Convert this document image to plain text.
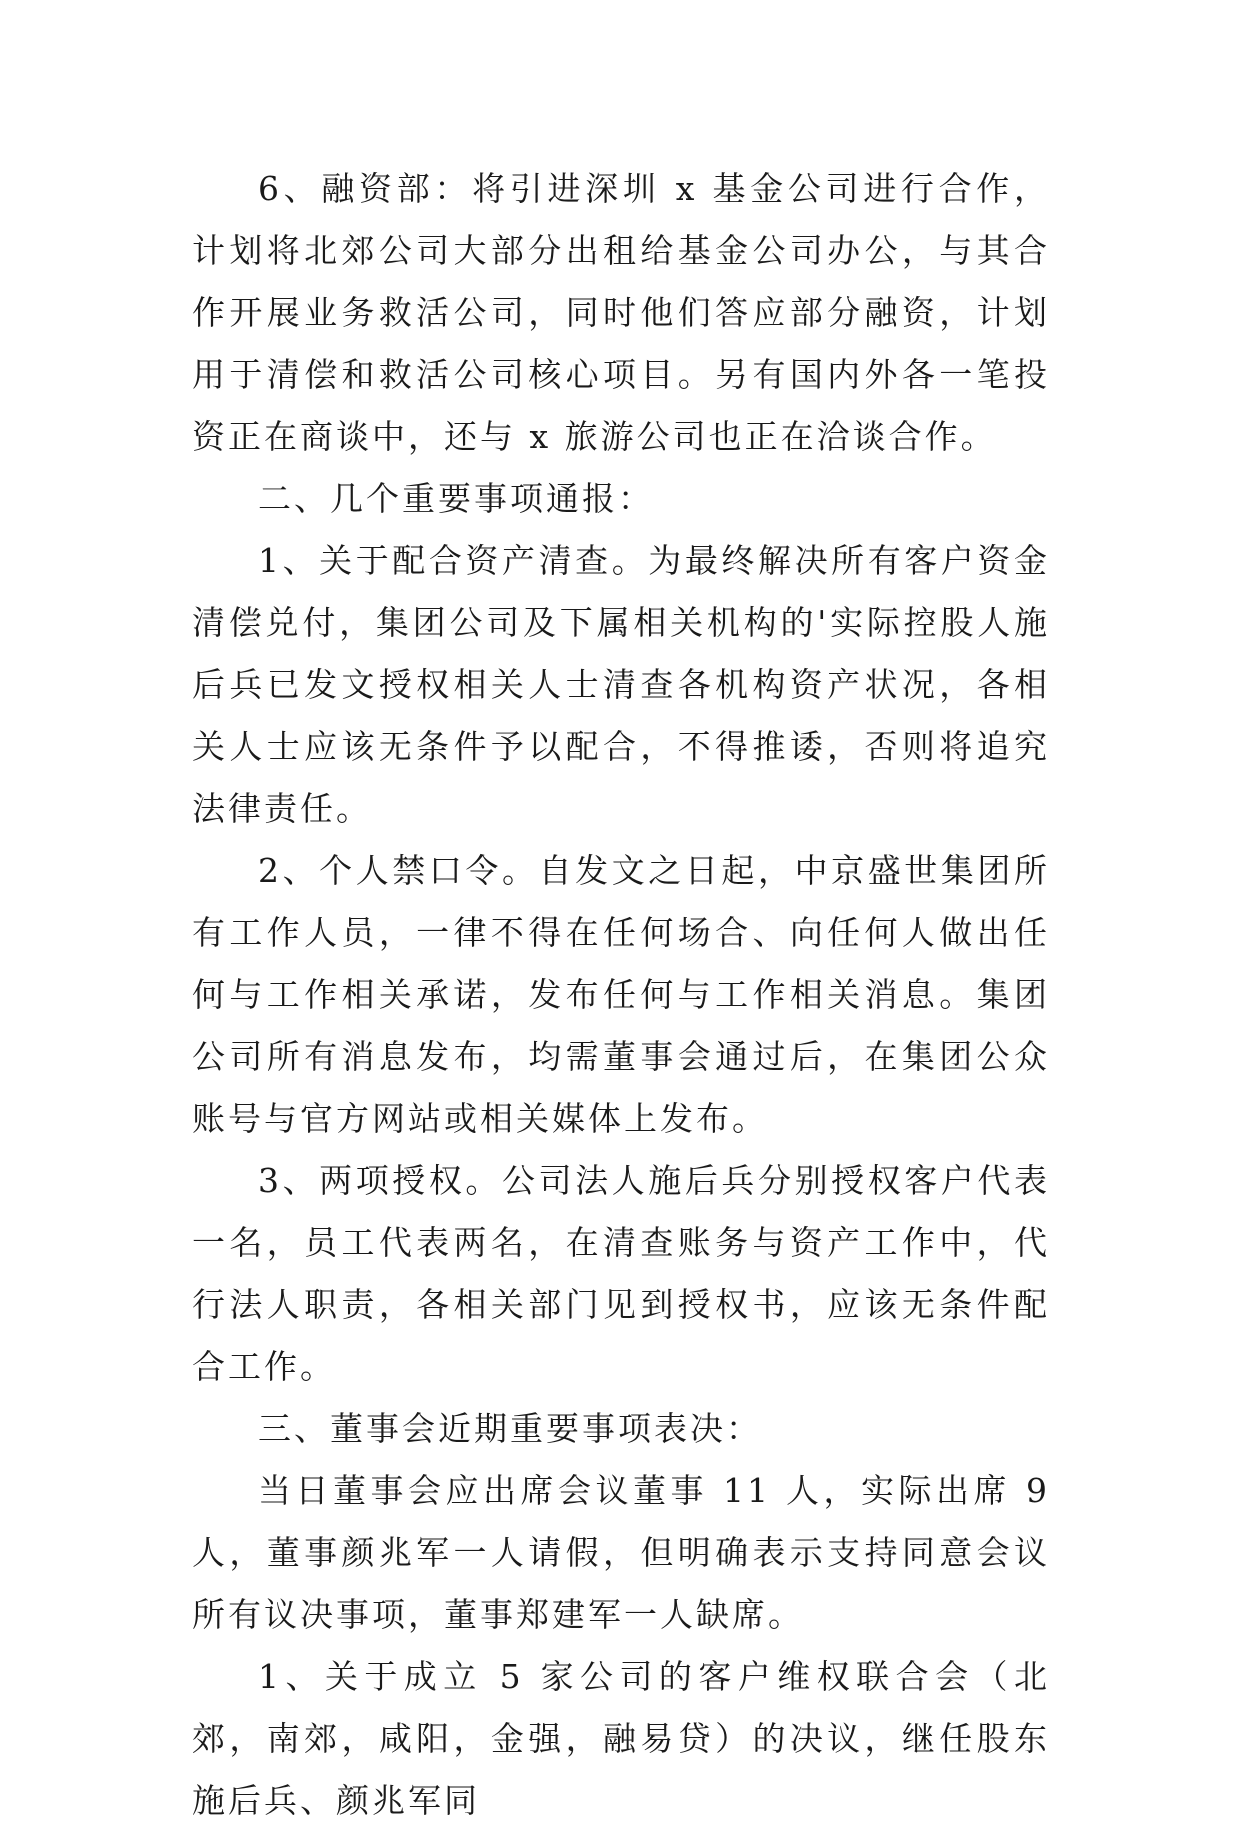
6、融资部：将引进深圳 x 基金公司进行合作，计划将北郊公司大部分出租给基金公司办公，与其合作开展业务救活公司，同时他们答应部分融资，计划用于清偿和救活公司核心项目。另有国内外各一笔投资正在商谈中，还与 x 旅游公司也正在洽谈合作。

二、几个重要事项通报：

1、关于配合资产清查。为最终解决所有客户资金清偿兑付，集团公司及下属相关机构的'实际控股人施后兵已发文授权相关人士清查各机构资产状况，各相关人士应该无条件予以配合，不得推诿，否则将追究法律责任。

2、个人禁口令。自发文之日起，中京盛世集团所有工作人员，一律不得在任何场合、向任何人做出任何与工作相关承诺，发布任何与工作相关消息。集团公司所有消息发布，均需董事会通过后，在集团公众账号与官方网站或相关媒体上发布。

3、两项授权。公司法人施后兵分别授权客户代表一名，员工代表两名，在清查账务与资产工作中，代行法人职责，各相关部门见到授权书，应该无条件配合工作。

三、董事会近期重要事项表决：

当日董事会应出席会议董事 11 人，实际出席 9 人，董事颜兆军一人请假，但明确表示支持同意会议所有议决事项，董事郑建军一人缺席。

1、关于成立 5 家公司的客户维权联合会（北郊，南郊，咸阳，金强，融易贷）的决议，继任股东施后兵、颜兆军同
